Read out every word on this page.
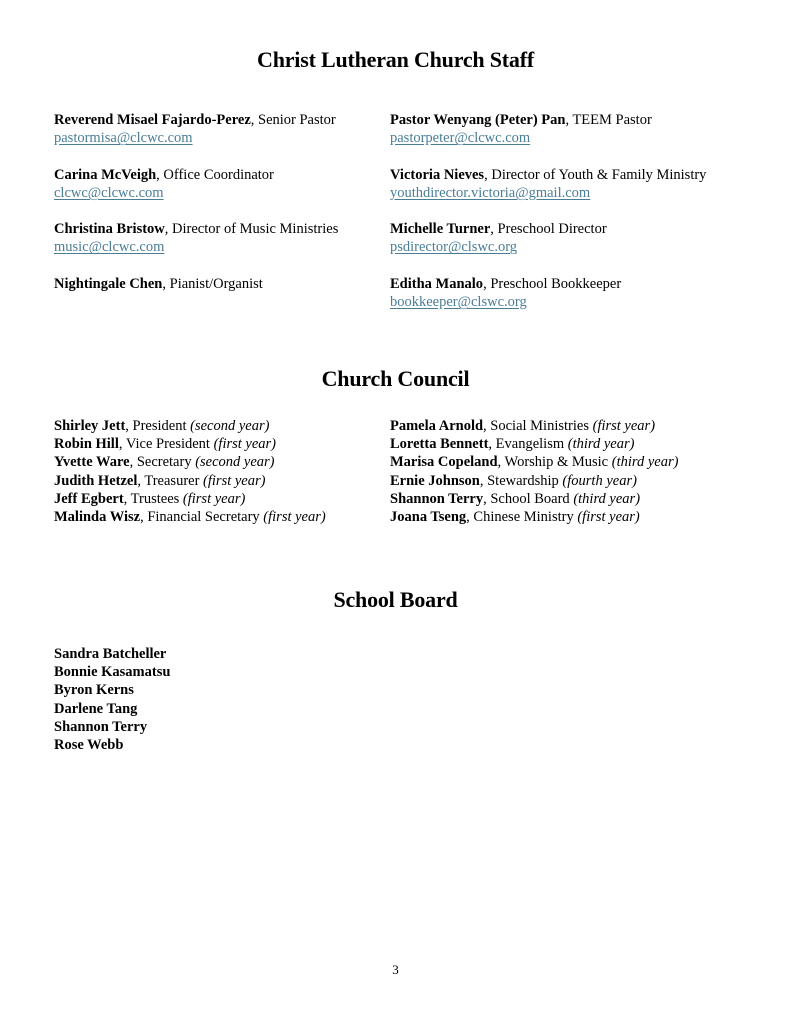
Christ Lutheran Church Staff
Reverend Misael Fajardo-Perez, Senior Pastor
pastormisa@clcwc.com
Carina McVeigh, Office Coordinator
clcwc@clcwc.com
Christina Bristow, Director of Music Ministries
music@clcwc.com
Nightingale Chen, Pianist/Organist
Pastor Wenyang (Peter) Pan, TEEM Pastor
pastorpeter@clcwc.com
Victoria Nieves, Director of Youth & Family Ministry
youthdirector.victoria@gmail.com
Michelle Turner, Preschool Director
psdirector@clswc.org
Editha Manalo, Preschool Bookkeeper
bookkeeper@clswc.org
Church Council
Shirley Jett, President (second year)
Robin Hill, Vice President (first year)
Yvette Ware, Secretary (second year)
Judith Hetzel, Treasurer (first year)
Jeff Egbert, Trustees (first year)
Malinda Wisz, Financial Secretary (first year)
Pamela Arnold, Social Ministries (first year)
Loretta Bennett, Evangelism (third year)
Marisa Copeland, Worship & Music (third year)
Ernie Johnson, Stewardship (fourth year)
Shannon Terry, School Board (third year)
Joana Tseng, Chinese Ministry (first year)
School Board
Sandra Batcheller
Bonnie Kasamatsu
Byron Kerns
Darlene Tang
Shannon Terry
Rose Webb
3
